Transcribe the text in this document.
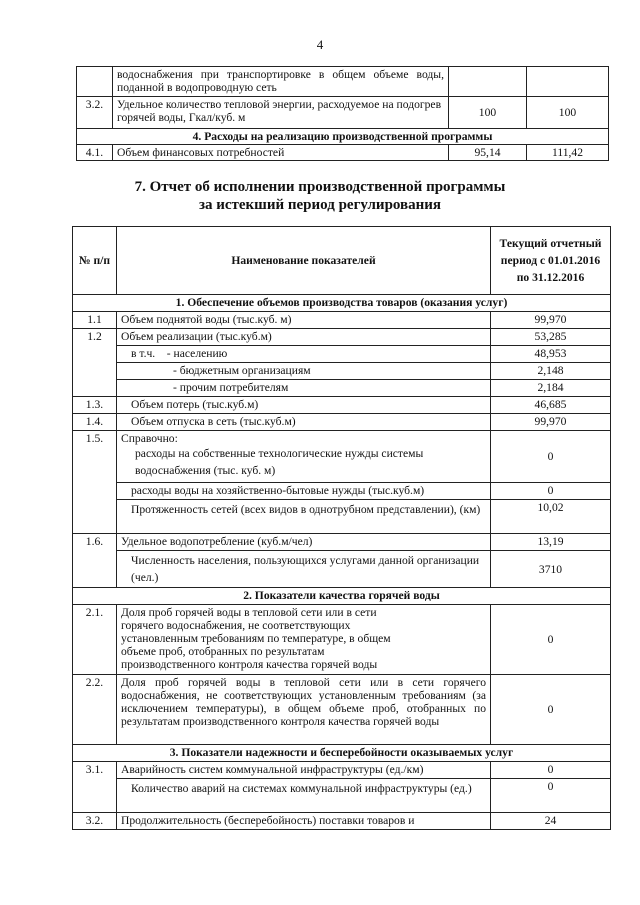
4
	водоснабжения при транспортировке в общем объеме воды, поданной в водопроводную сеть		
3.2.	Удельное количество тепловой энергии, расходуемое на подогрев горячей воды, Гкал/куб. м	100	100
4. Расходы на реализацию производственной программы			
4.1.	Объем финансовых потребностей	95,14	111,42
7. Отчет об исполнении производственной программы
за истекший период регулирования
№ п/п	Наименование показателей	Текущий отчетный период с 01.01.2016 по 31.12.2016
1. Обеспечение объемов производства товаров (оказания услуг)		
1.1	Объем поднятой воды (тыс.куб. м)	99,970
1.2	Объем реализации (тыс.куб.м)	53,285
	в т.ч.    - населению	48,953
	- бюджетным организациям	2,148
	- прочим потребителям	2,184
1.3.	Объем потерь (тыс.куб.м)	46,685
1.4.	Объем отпуска в сеть (тыс.куб.м)	99,970
1.5.	Справочно:
расходы на собственные технологические нужды системы водоснабжения (тыс. куб. м)	0
	расходы воды на хозяйственно-бытовые нужды (тыс.куб.м)	0
	Протяженность сетей (всех видов в однотрубном представлении), (км)	10,02
1.6.	Удельное водопотребление (куб.м/чел)	13,19
	Численность населения, пользующихся услугами данной организации (чел.)	3710
2. Показатели качества горячей воды		
2.1.	Доля проб горячей воды в тепловой сети или в сети горячего водоснабжения, не соответствующих установленным требованиям по температуре, в общем объеме проб, отобранных по результатам производственного контроля качества горячей воды	0
2.2.	Доля проб горячей воды в тепловой сети или в сети горячего водоснабжения, не соответствующих установленным требованиям (за исключением температуры), в общем объеме проб, отобранных по результатам производственного контроля качества горячей воды	0
3. Показатели надежности и бесперебойности оказываемых услуг		
3.1.	Аварийность систем коммунальной инфраструктуры (ед./км)	0
	Количество аварий на системах коммунальной инфраструктуры (ед.)	0
3.2.	Продолжительность (бесперебойность) поставки товаров и	24
